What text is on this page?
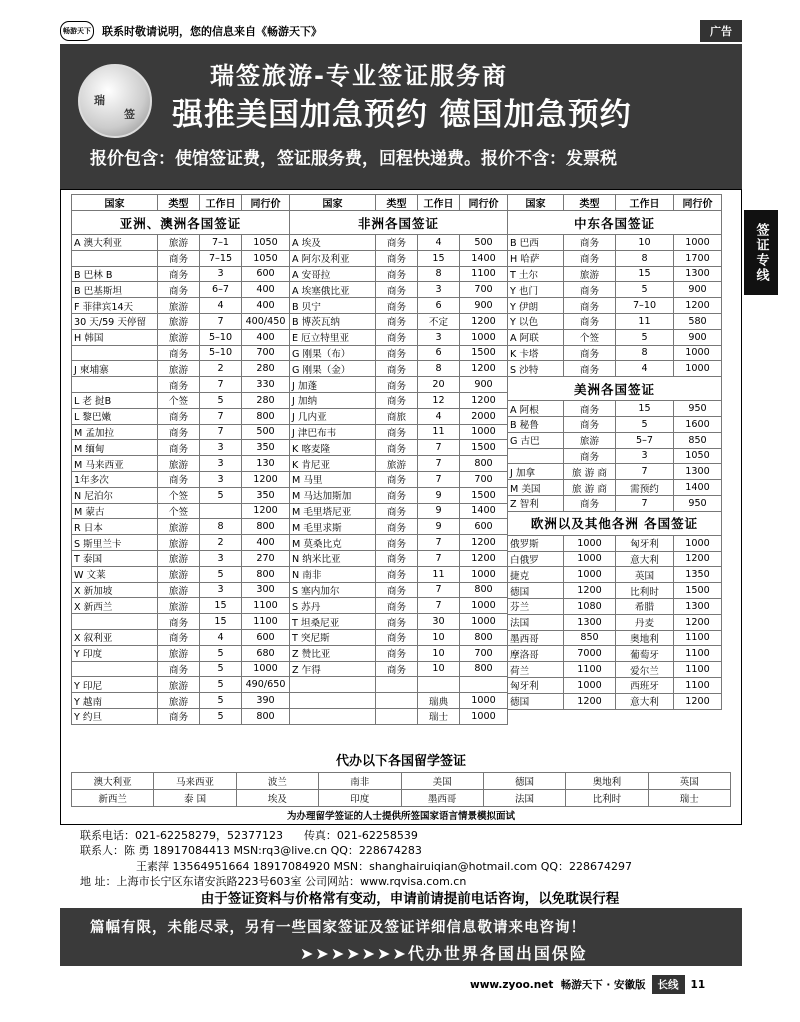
畅游天下 联系时敬请说明，您的信息来自《畅游天下》	广告
瑞
签
瑞签旅游-专业签证服务商
强推美国加急预约 德国加急预约
报价包含：使馆签证费，签证服务费，回程快递费。报价不含：发票税
签证专线
国家	类型	工作日	同行价
亚洲、澳洲各国签证			
A 澳大利亚	旅游	7–1	1050
	商务	7–15	1050
B 巴林 B	商务	3	600
B 巴基斯坦	商务	6–7	400
F 菲律宾14天	旅游	4	400
30 天/59 天停留	旅游	7	400/450
H 韩国	旅游	5–10	400
	商务	5–10	700
J 柬埔寨	旅游	2	280
	商务	7	330
L 老 挝B	个签	5	280
L 黎巴嫩	商务	7	800
M 孟加拉	商务	7	500
M 缅甸	商务	3	350
M 马来西亚	旅游	3	130
1年多次	商务	3	1200
N 尼泊尔	个签	5	350
M 蒙古	个签		1200
R 日本	旅游	8	800
S 斯里兰卡	旅游	2	400
T 泰国	旅游	3	270
W 文莱	旅游	5	800
X 新加坡	旅游	3	300
X 新西兰	旅游	15	1100
	商务	15	1100
X 叙利亚	商务	4	600
Y 印度	旅游	5	680
	商务	5	1000
Y 印尼	旅游	5	490/650
Y 越南	旅游	5	390
Y 约旦	商务	5	800
国家	类型	工作日	同行价
非洲各国签证			
A 埃及	商务	4	500
A 阿尔及利亚	商务	15	1400
A 安哥拉	商务	8	1100
A 埃塞俄比亚	商务	3	700
B 贝宁	商务	6	900
B 博茨瓦纳	商务	不定	1200
E 厄立特里亚	商务	3	1000
G 刚果（布）	商务	6	1500
G 刚果（金）	商务	8	1200
J 加蓬	商务	20	900
J 加纳	商务	12	1200
J 几内亚	商旅	4	2000
J 津巴布韦	商务	11	1000
K 喀麦隆	商务	7	1500
K 肯尼亚	旅游	7	800
M 马里	商务	7	700
M 马达加斯加	商务	9	1500
M 毛里塔尼亚	商务	9	1400
M 毛里求斯	商务	9	600
M 莫桑比克	商务	7	1200
N 纳米比亚	商务	7	1200
N 南非	商务	11	1000
S 塞内加尔	商务	7	800
S 苏丹	商务	7	1000
T 坦桑尼亚	商务	30	1000
T 突尼斯	商务	10	800
Z 赞比亚	商务	10	700
Z 乍得	商务	10	800

		瑞典	1000
		瑞士	1000
国家	类型	工作日	同行价
中东各国签证			
B 巴西	商务	10	1000
H 哈萨	商务	8	1700
T 土尔	旅游	15	1300
Y 也门	商务	5	900
Y 伊朗	商务	7–10	1200
Y 以色	商务	11	580
A 阿联	个签	5	900
K 卡塔	商务	8	1000
S 沙特	商务	4	1000
美洲各国签证			
A 阿根	商务	15	950
B 秘鲁	商务	5	1600
G 古巴	旅游	5–7	850
	商务	3	1050
J 加拿	旅 游 商	7	1300
M 美国	旅 游 商	需预约	1400
Z 智利	商务	7	950
欧洲以及其他各洲 各国签证			
俄罗斯	1000	匈牙利	1000
白俄罗	1000	意大利	1200
捷克	1000	英国	1350
德国	1200	比利时	1500
芬兰	1080	希腊	1300
法国	1300	丹麦	1200
墨西哥	850	奥地利	1100
摩洛哥	7000	葡萄牙	1100
荷兰	1100	爱尔兰	1100
匈牙利	1000	西班牙	1100
德国	1200	意大利	1200
代办以下各国留学签证
澳大利亚	马来西亚	波兰	南非	美国	德国	奥地利	英国
新西兰	泰 国	埃及	印度	墨西哥	法国	比利时	瑞士
为办理留学签证的人士提供所签国家语言情景模拟面试
联系电话：021-62258279，52377123 传真：021-62258539
联系人：陈 勇 18917084413 MSN:rq3@live.cn QQ：228674283
王素萍 13564951664 18917084920 MSN：shanghairuiqian@hotmail.com QQ：228674297
地 址：上海市长宁区东诸安浜路223号603室 公司网站：www.rqvisa.com.cn
由于签证资料与价格常有变动，申请前请提前电话咨询，以免耽误行程
篇幅有限，未能尽录，另有一些国家签证及签证详细信息敬请来电咨询！
➤➤➤➤➤➤➤代办世界各国出国保险
www.zyoo.net
畅游天下 · 安徽版	长线	11
